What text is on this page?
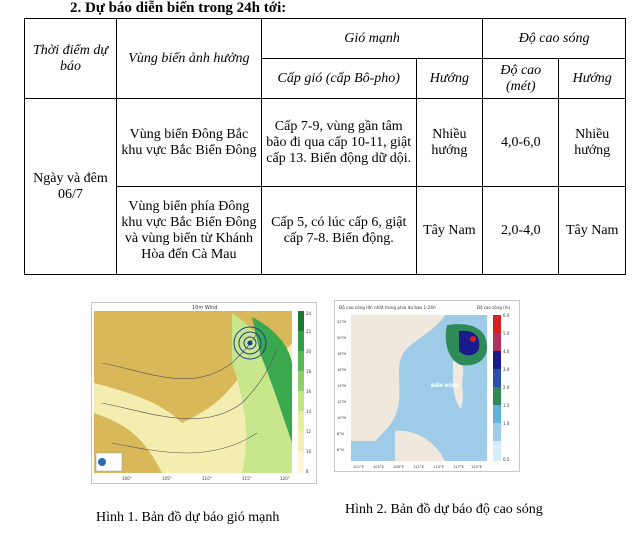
2. Dự báo diễn biến trong 24h tới:
Thời điểm dự báo	Vùng biển ảnh hưởng	Gió mạnh		Độ cao sóng	
		Cấp gió (cấp Bô-pho)	Hướng	Độ cao (mét)	Hướng
Ngày và đêm 06/7	Vùng biển Đông Bắc khu vực Bắc Biển Đông	Cấp 7-9, vùng gần tâm bão đi qua cấp 10-11, giật cấp 13. Biển động dữ dội.	Nhiều hướng	4,0-6,0	Nhiều hướng
	Vùng biển phía Đông khu vực Bắc Biển Đông và vùng biển từ Khánh Hòa đến Cà Mau	Cấp 5, có lúc cấp 6, giật cấp 7-8. Biển động.	Tây Nam	2,0-4,0	Tây Nam
10m Wind
8
10
12
14
16
18
20
22
24
100°	105°	110°	115°	120°
Độ cao sóng lớn nhất trong phía dự báo 1-24h	Độ cao sóng (m)
BIỂN ĐÔNG
6.0
5.0
4.0
3.0
2.0
1.5
1.0
0.5
22°N
20°N
18°N
16°N
14°N
12°N
10°N
8°N
6°N
102°E	105°E	108°E	111°E	114°E	117°E 120°E
Hình 1. Bản đồ dự báo gió mạnh
Hình 2. Bản đồ dự báo độ cao sóng
